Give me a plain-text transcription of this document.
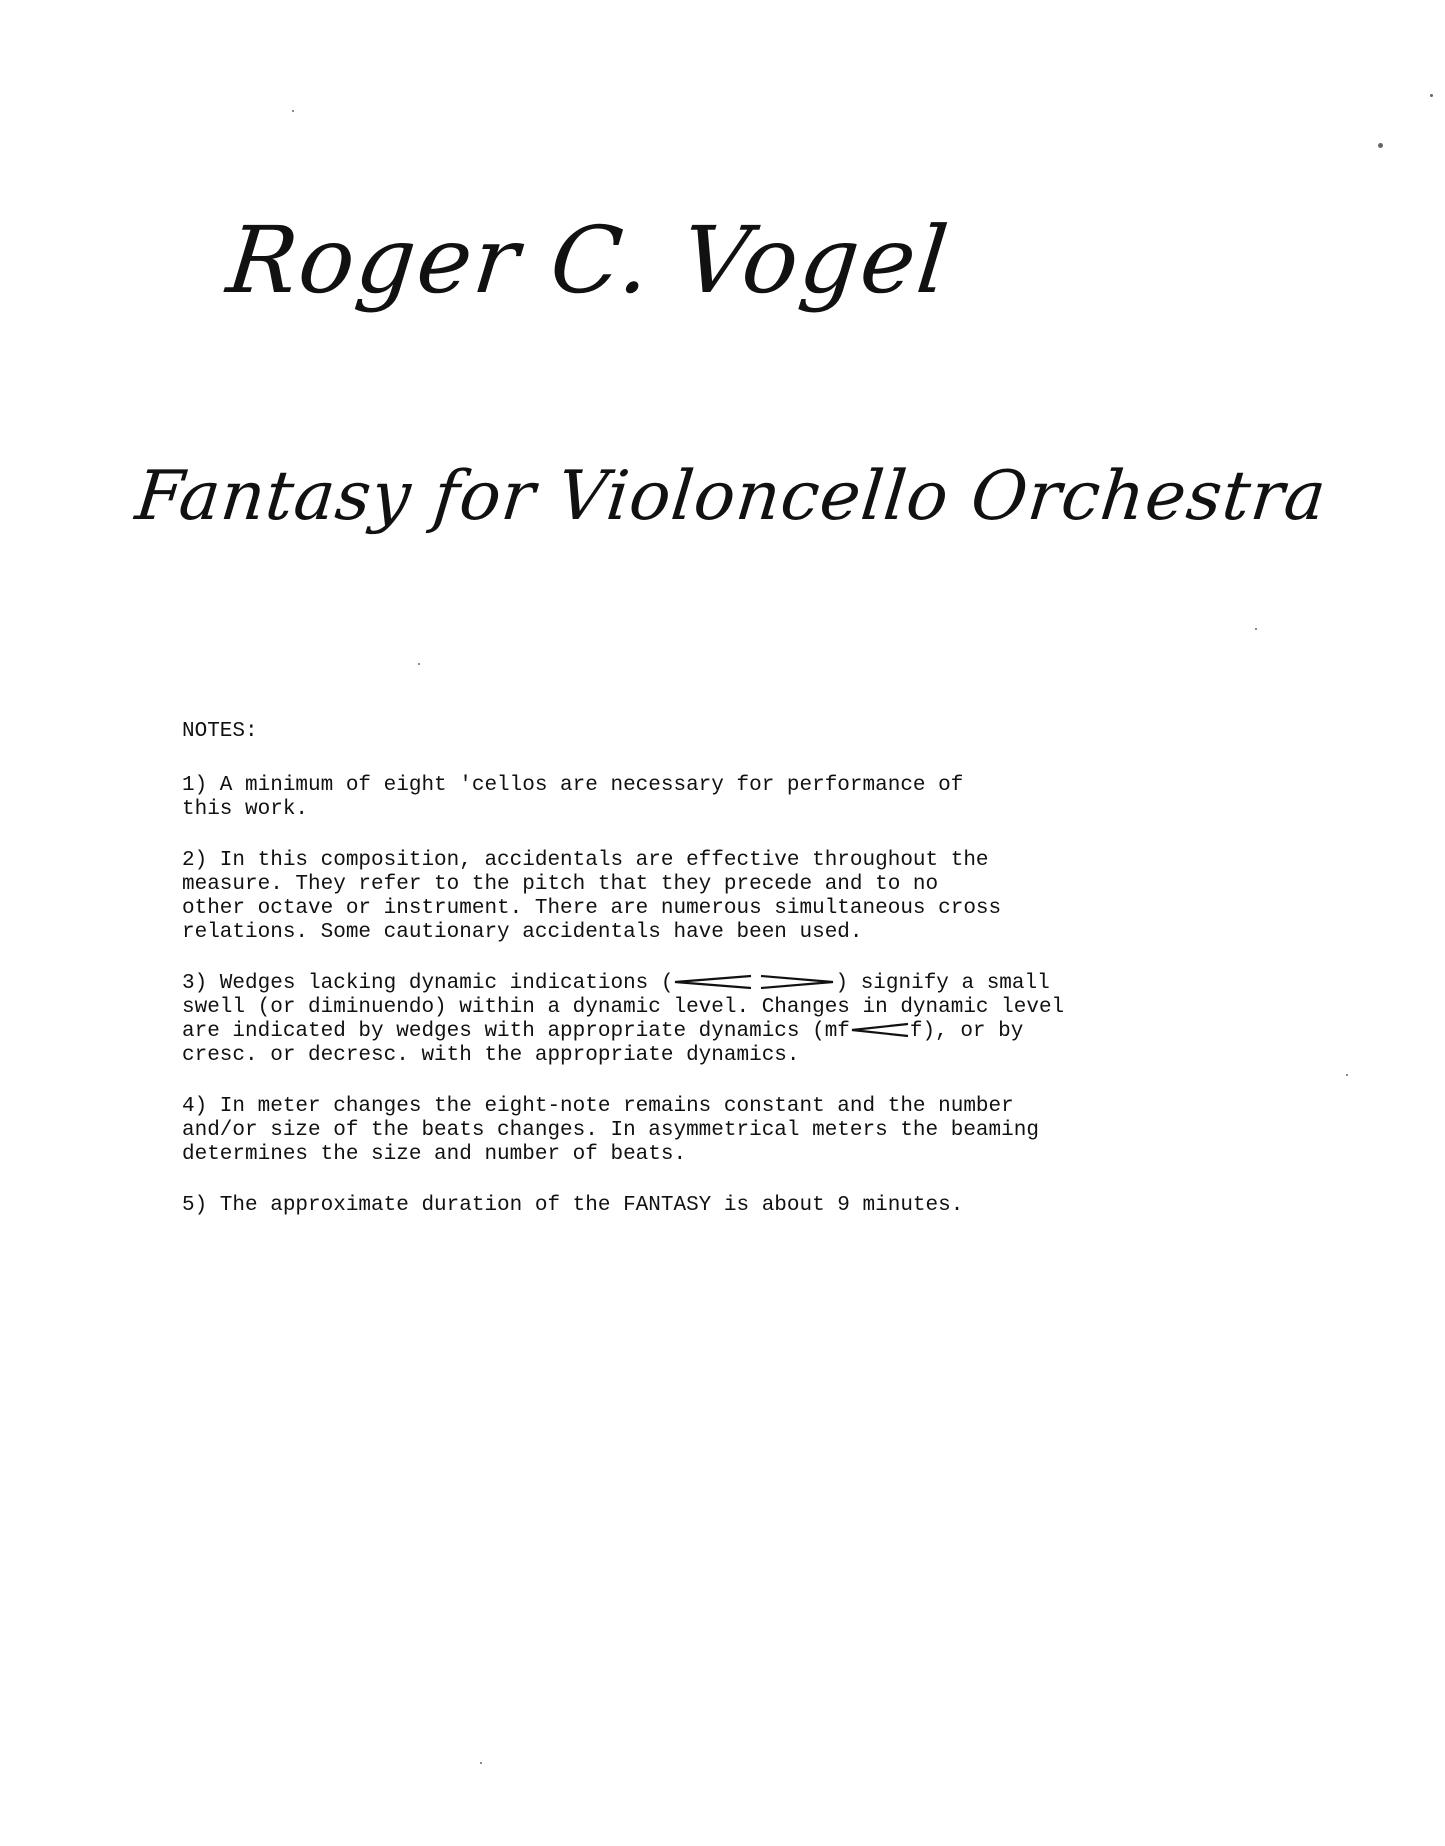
Roger C. Vogel
Fantasy for Violoncello Orchestra
NOTES:
1) A minimum of eight 'cellos are necessary for performance of
this work.
2) In this composition, accidentals are effective throughout the
measure. They refer to the pitch that they precede and to no
other octave or instrument. There are numerous simultaneous cross
relations. Some cautionary accidentals have been used.
3) Wedges lacking dynamic indications (	) signify a small
swell (or diminuendo) within a dynamic level. Changes in dynamic level
are indicated by wedges with appropriate dynamics (mf	f), or by
cresc. or decresc. with the appropriate dynamics.
4) In meter changes the eight-note remains constant and the number
and/or size of the beats changes. In asymmetrical meters the beaming
determines the size and number of beats.
5) The approximate duration of the FANTASY is about 9 minutes.
